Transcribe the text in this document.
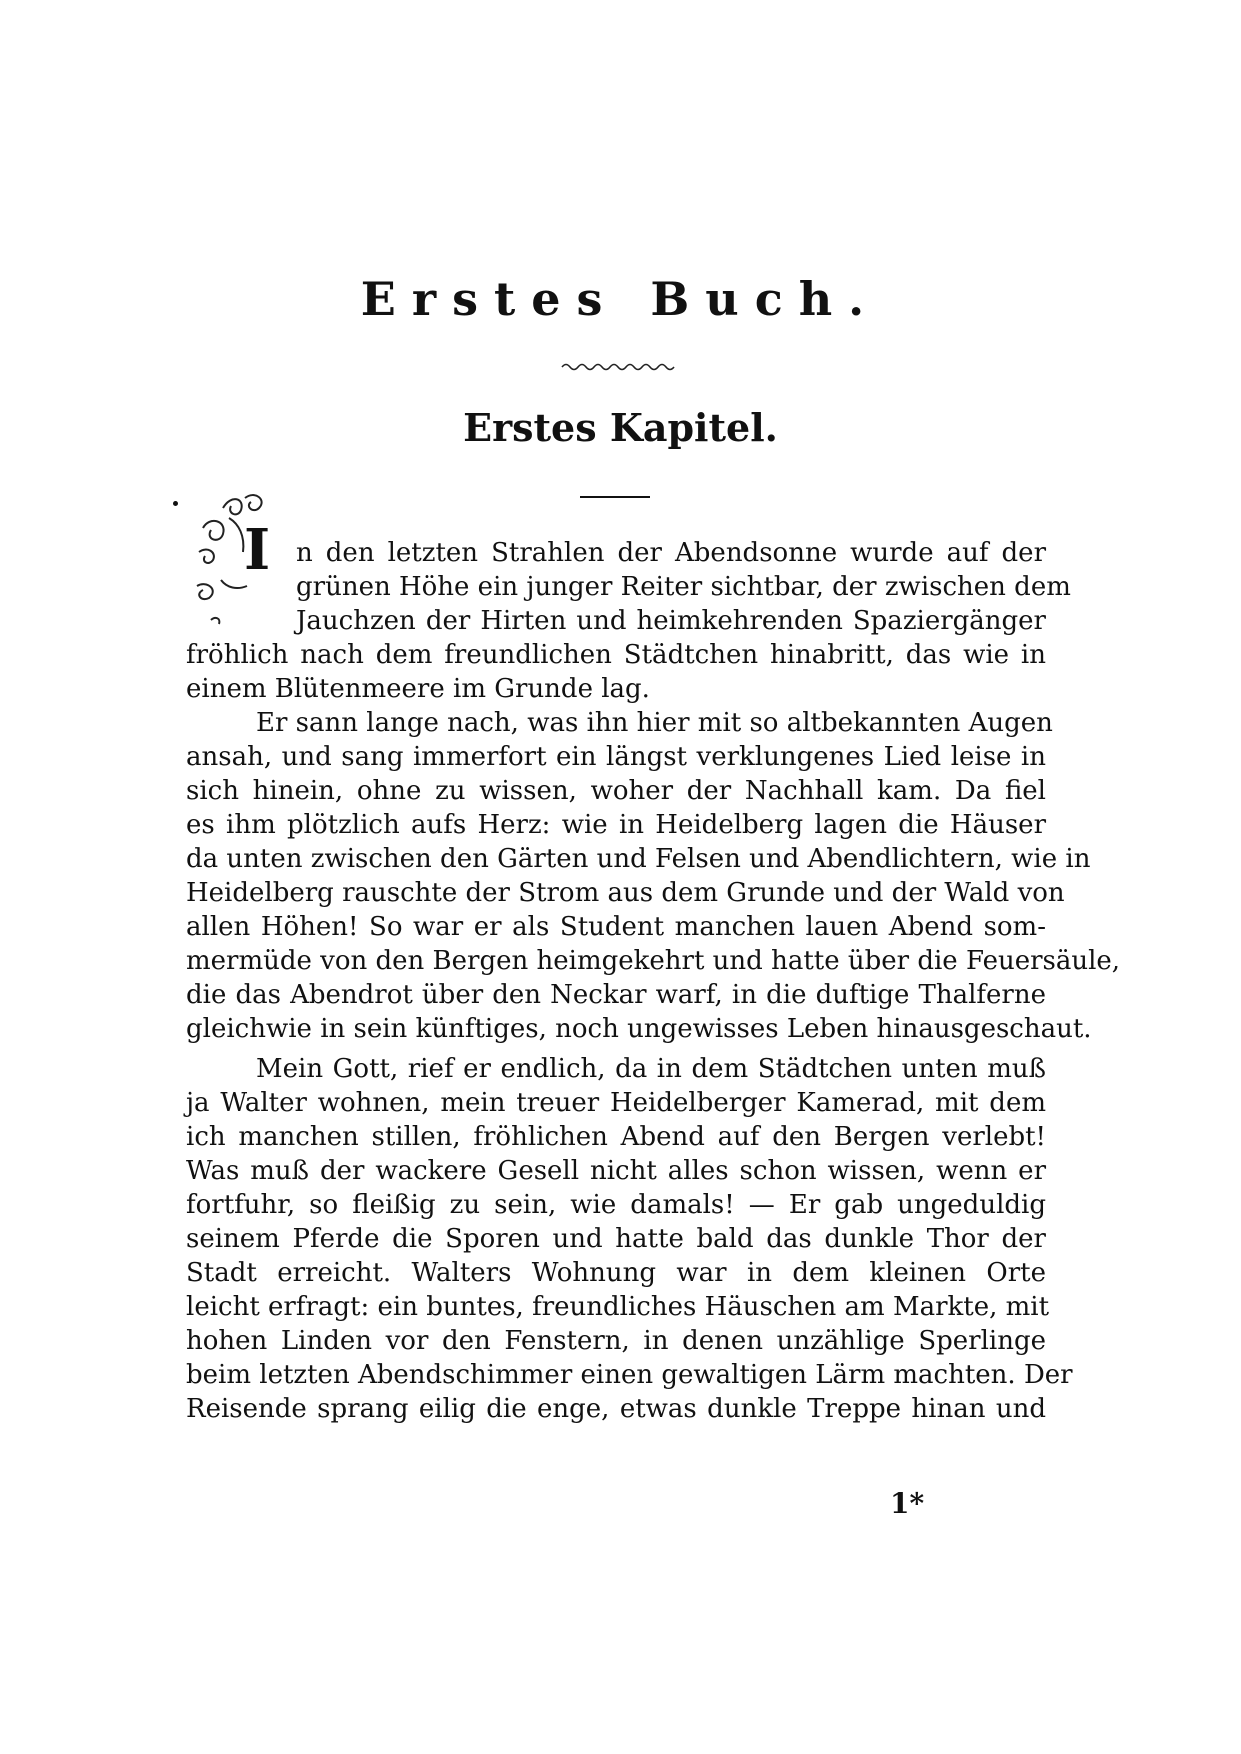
Erstes Buch.
Erstes Kapitel.
I n den letzten Strahlen der Abendsonne wurde auf der
grünen Höhe ein junger Reiter sichtbar, der zwischen dem
Jauchzen der Hirten und heimkehrenden Spaziergänger
fröhlich nach dem freundlichen Städtchen hinabritt, das wie in
einem Blütenmeere im Grunde lag.
Er sann lange nach, was ihn hier mit so altbekannten Augen
ansah, und sang immerfort ein längst verklungenes Lied leise in
sich hinein, ohne zu wissen, woher der Nachhall kam. Da fiel
es ihm plötzlich aufs Herz: wie in Heidelberg lagen die Häuser
da unten zwischen den Gärten und Felsen und Abendlichtern, wie in
Heidelberg rauschte der Strom aus dem Grunde und der Wald von
allen Höhen! So war er als Student manchen lauen Abend som-
mermüde von den Bergen heimgekehrt und hatte über die Feuersäule,
die das Abendrot über den Neckar warf, in die duftige Thalferne
gleichwie in sein künftiges, noch ungewisses Leben hinausgeschaut.
Mein Gott, rief er endlich, da in dem Städtchen unten muß
ja Walter wohnen, mein treuer Heidelberger Kamerad, mit dem
ich manchen stillen, fröhlichen Abend auf den Bergen verlebt!
Was muß der wackere Gesell nicht alles schon wissen, wenn er
fortfuhr, so fleißig zu sein, wie damals! — Er gab ungeduldig
seinem Pferde die Sporen und hatte bald das dunkle Thor der
Stadt erreicht. Walters Wohnung war in dem kleinen Orte
leicht erfragt: ein buntes, freundliches Häuschen am Markte, mit
hohen Linden vor den Fenstern, in denen unzählige Sperlinge
beim letzten Abendschimmer einen gewaltigen Lärm machten. Der
Reisende sprang eilig die enge, etwas dunkle Treppe hinan und
1*
